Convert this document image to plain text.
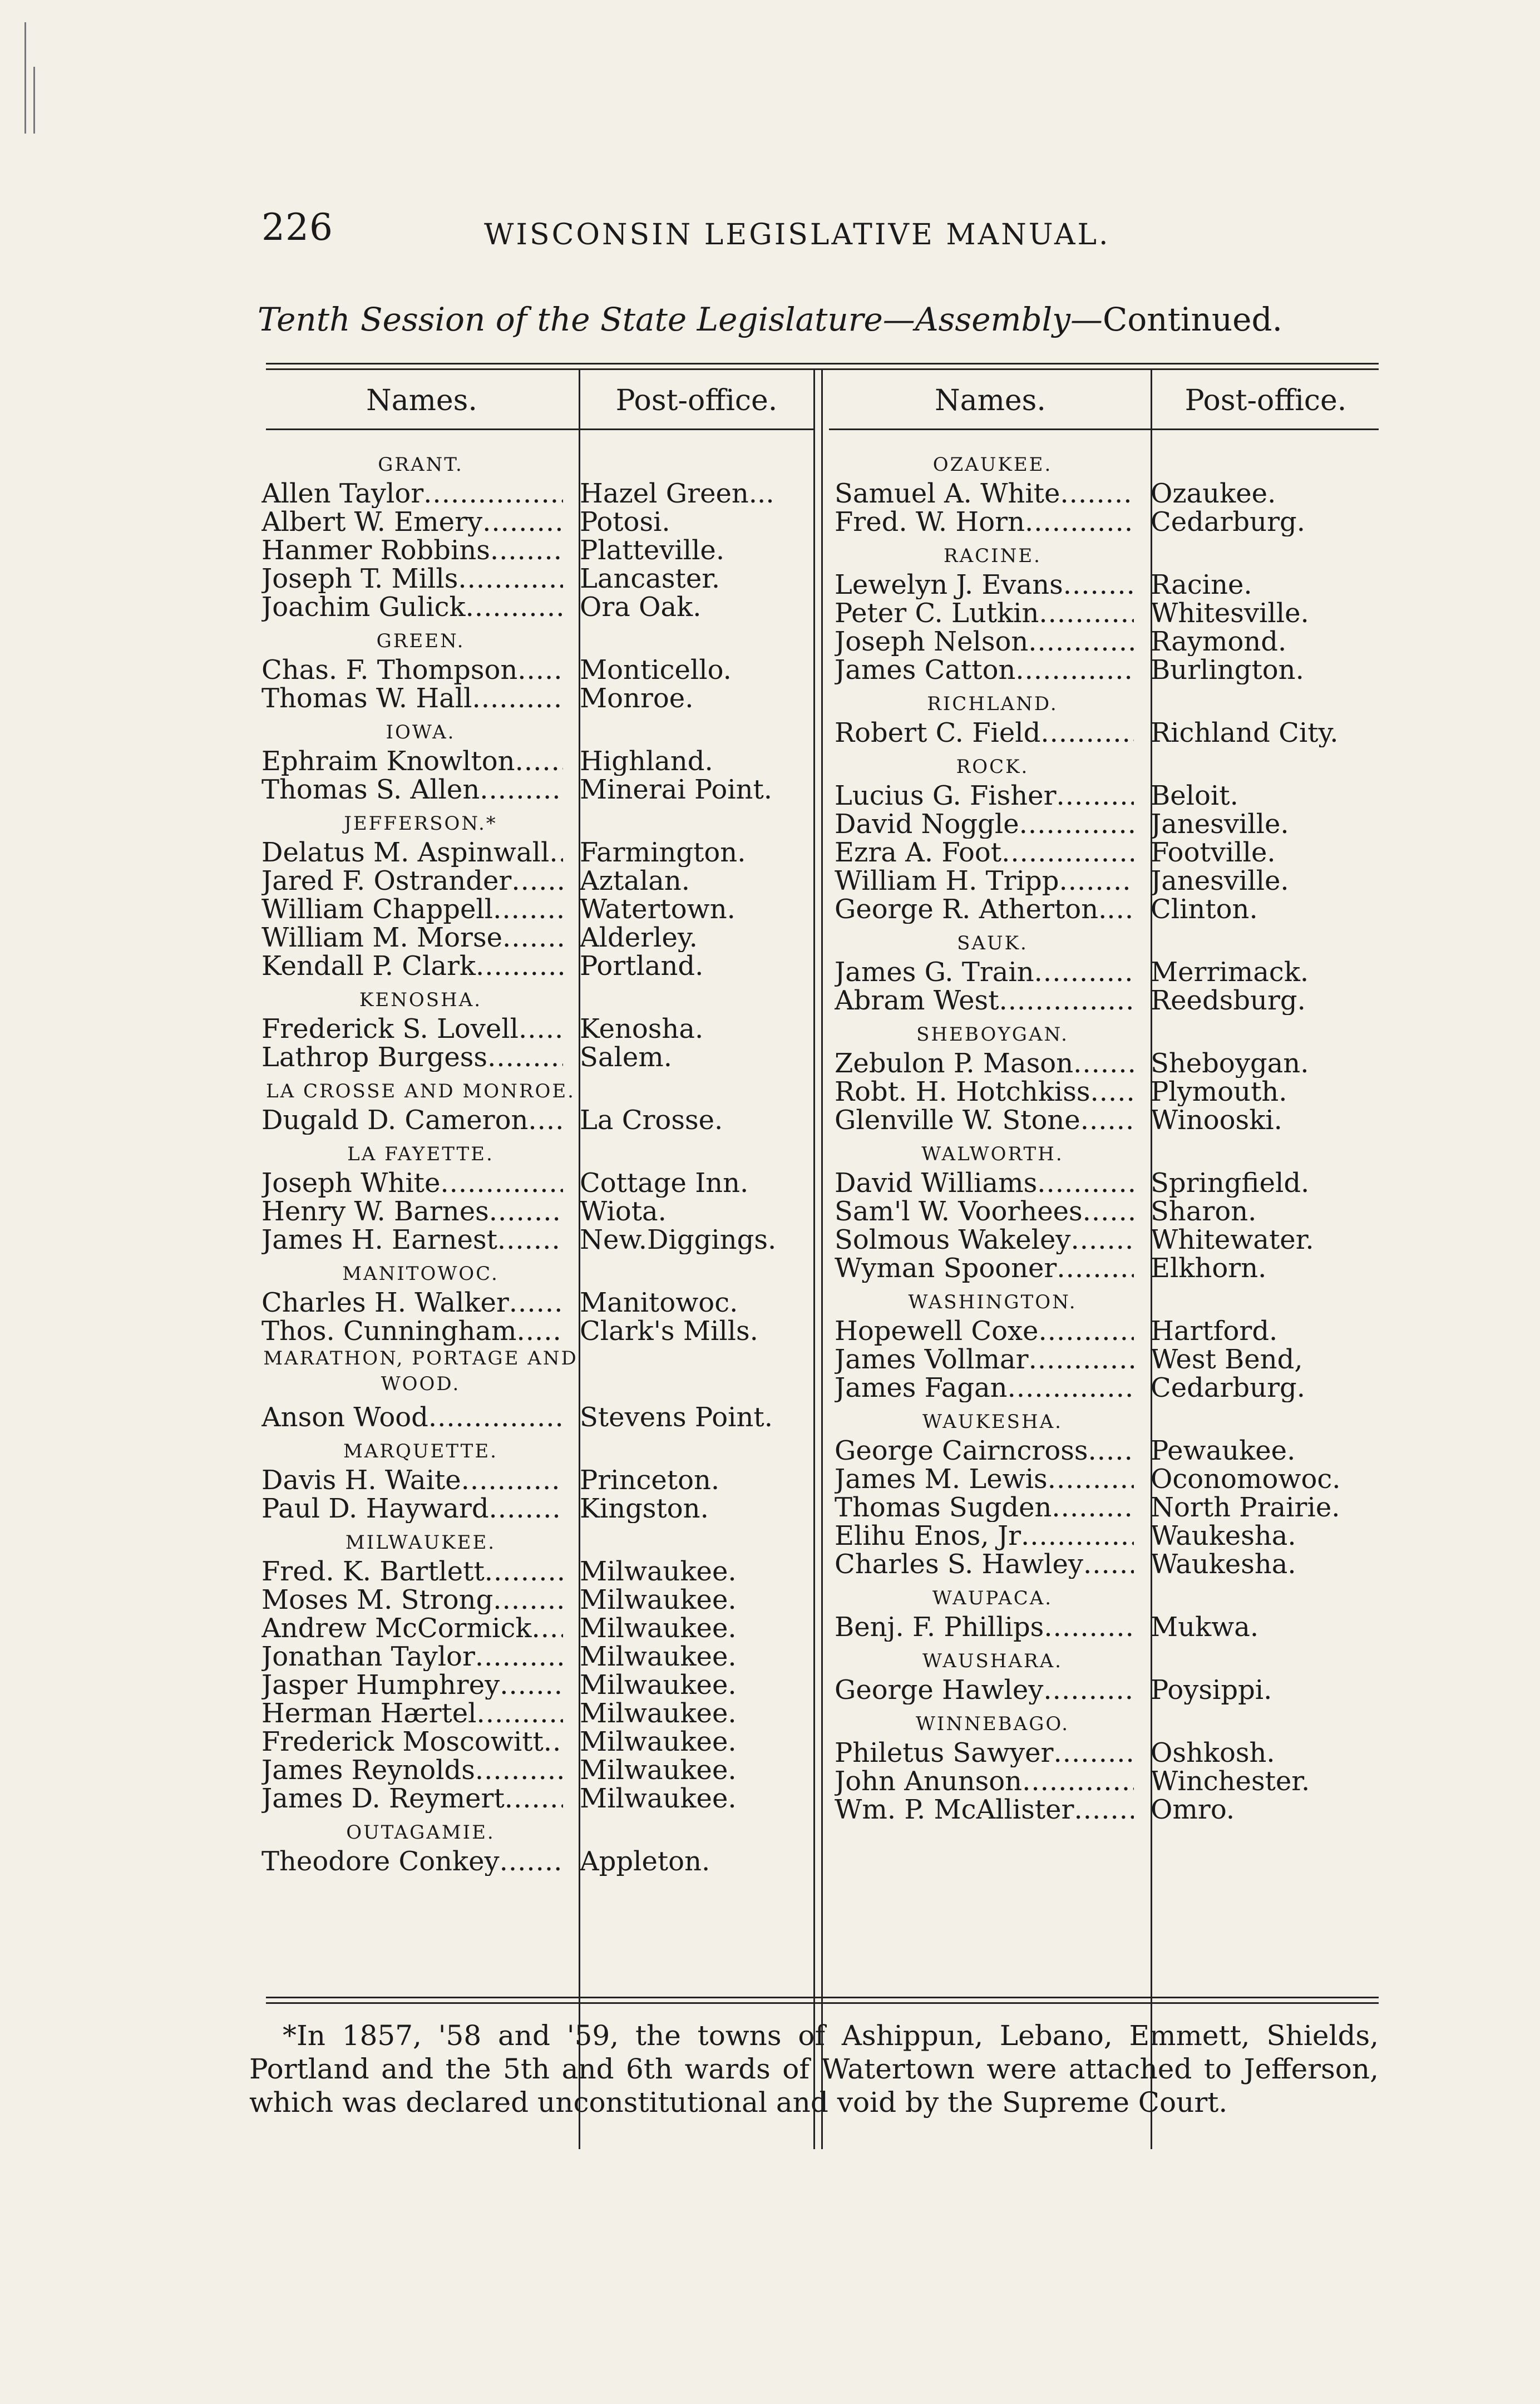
226	WISCONSIN LEGISLATIVE MANUAL.
Tenth Session of the State Legislature—Assembly—Continued.
Names.	Post-office.	Names.	Post-office.
GRANT.
Allen Taylor .....	Hazel Green...
Albert W. Emery .....	Potosi.
Hanmer Robbins .....	Platteville.
Joseph T. Mills .....	Lancaster.
Joachim Gulick .....	Ora Oak.
GREEN.
Chas. F. Thompson .....	Monticello.
Thomas W. Hall .....	Monroe.
IOWA.
Ephraim Knowlton .....	Highland.
Thomas S. Allen .....	Minerai Point.
JEFFERSON.*
Delatus M. Aspinwall .....	Farmington.
Jared F. Ostrander .....	Aztalan.
William Chappell .....	Watertown.
William M. Morse .....	Alderley.
Kendall P. Clark .....	Portland.
KENOSHA.
Frederick S. Lovell .....	Kenosha.
Lathrop Burgess .....	Salem.
LA CROSSE AND MONROE.
Dugald D. Cameron .....	La Crosse.
LA FAYETTE.
Joseph White .....	Cottage Inn.
Henry W. Barnes .....	Wiota.
James H. Earnest .....	New.Diggings.
MANITOWOC.
Charles H. Walker .....	Manitowoc.
Thos. Cunningham .....	Clark's Mills.
MARATHON, PORTAGE AND WOOD.
Anson Wood .....	Stevens Point.
MARQUETTE.
Davis H. Waite .....	Princeton.
Paul D. Hayward .....	Kingston.
MILWAUKEE.
Fred. K. Bartlett .....	Milwaukee.
Moses M. Strong .....	Milwaukee.
Andrew McCormick .....	Milwaukee.
Jonathan Taylor .....	Milwaukee.
Jasper Humphrey .....	Milwaukee.
Herman Hærtel .....	Milwaukee.
Frederick Moscowitt .....	Milwaukee.
James Reynolds .....	Milwaukee.
James D. Reymert .....	Milwaukee.
OUTAGAMIE.
Theodore Conkey .....	Appleton.
OZAUKEE.
Samuel A. White .....	Ozaukee.
Fred. W. Horn .....	Cedarburg.
RACINE.
Lewelyn J. Evans .....	Racine.
Peter C. Lutkin .....	Whitesville.
Joseph Nelson .....	Raymond.
James Catton .....	Burlington.
RICHLAND.
Robert C. Field .....	Richland City.
ROCK.
Lucius G. Fisher .....	Beloit.
David Noggle .....	Janesville.
Ezra A. Foot .....	Footville.
William H. Tripp .....	Janesville.
George R. Atherton. .....	Clinton.
SAUK.
James G. Train .....	Merrimack.
Abram West .....	Reedsburg.
SHEBOYGAN.
Zebulon P. Mason .....	Sheboygan.
Robt. H. Hotchkiss .....	Plymouth.
Glenville W. Stone .....	Winooski.
WALWORTH.
David Williams .....	Springfield.
Sam'l W. Voorhees .....	Sharon.
Solmous Wakeley .....	Whitewater.
Wyman Spooner .....	Elkhorn.
WASHINGTON.
Hopewell Coxe .....	Hartford.
James Vollmar .....	West Bend,
James Fagan .....	Cedarburg.
WAUKESHA.
George Cairncross .....	Pewaukee.
James M. Lewis .....	Oconomowoc.
Thomas Sugden .....	North Prairie.
Elihu Enos, Jr .....	Waukesha.
Charles S. Hawley .....	Waukesha.
WAUPACA.
Benj. F. Phillips .....	Mukwa.
WAUSHARA.
George Hawley .....	Poysippi.
WINNEBAGO.
Philetus Sawyer .....	Oshkosh.
John Anunson .....	Winchester.
Wm. P. McAllister .....	Omro.
*In 1857, '58 and '59, the towns of Ashippun, Lebano, Emmett, Shields, Portland and the 5th and 6th wards of Watertown were attached to Jefferson, which was declared unconstitutional and void by the Supreme Court.
